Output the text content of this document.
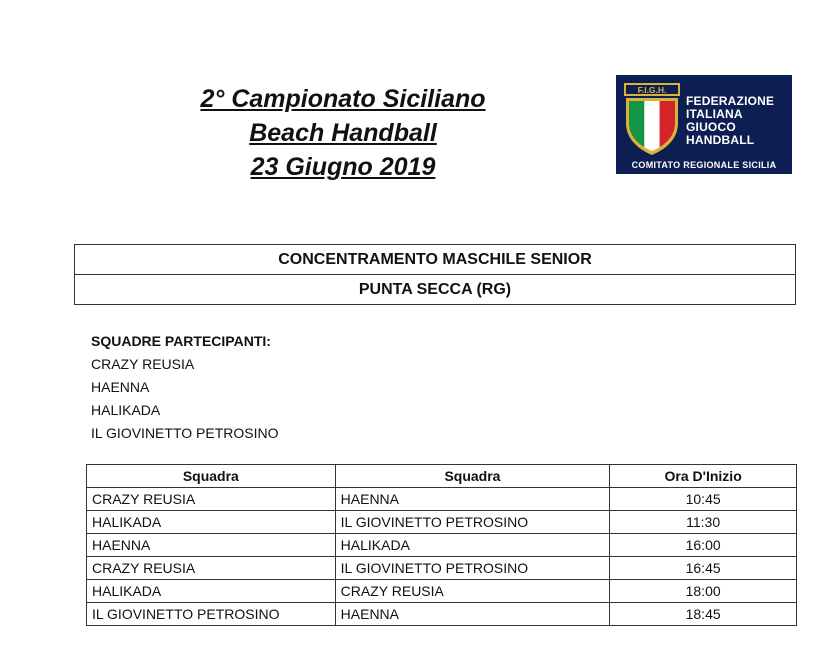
2° Campionato Siciliano
Beach Handball
23 Giugno 2019
F.I.G.H.
FEDERAZIONE
ITALIANA
GIUOCO
HANDBALL
COMITATO REGIONALE SICILIA
CONCENTRAMENTO MASCHILE SENIOR
PUNTA SECCA (RG)
SQUADRE PARTECIPANTI:
CRAZY REUSIA
HAENNA
HALIKADA
IL GIOVINETTO PETROSINO
Squadra	Squadra	Ora D'Inizio
CRAZY REUSIA	HAENNA	10:45
HALIKADA	IL GIOVINETTO PETROSINO	11:30
HAENNA	HALIKADA	16:00
CRAZY REUSIA	IL GIOVINETTO PETROSINO	16:45
HALIKADA	CRAZY REUSIA	18:00
IL GIOVINETTO PETROSINO	HAENNA	18:45
